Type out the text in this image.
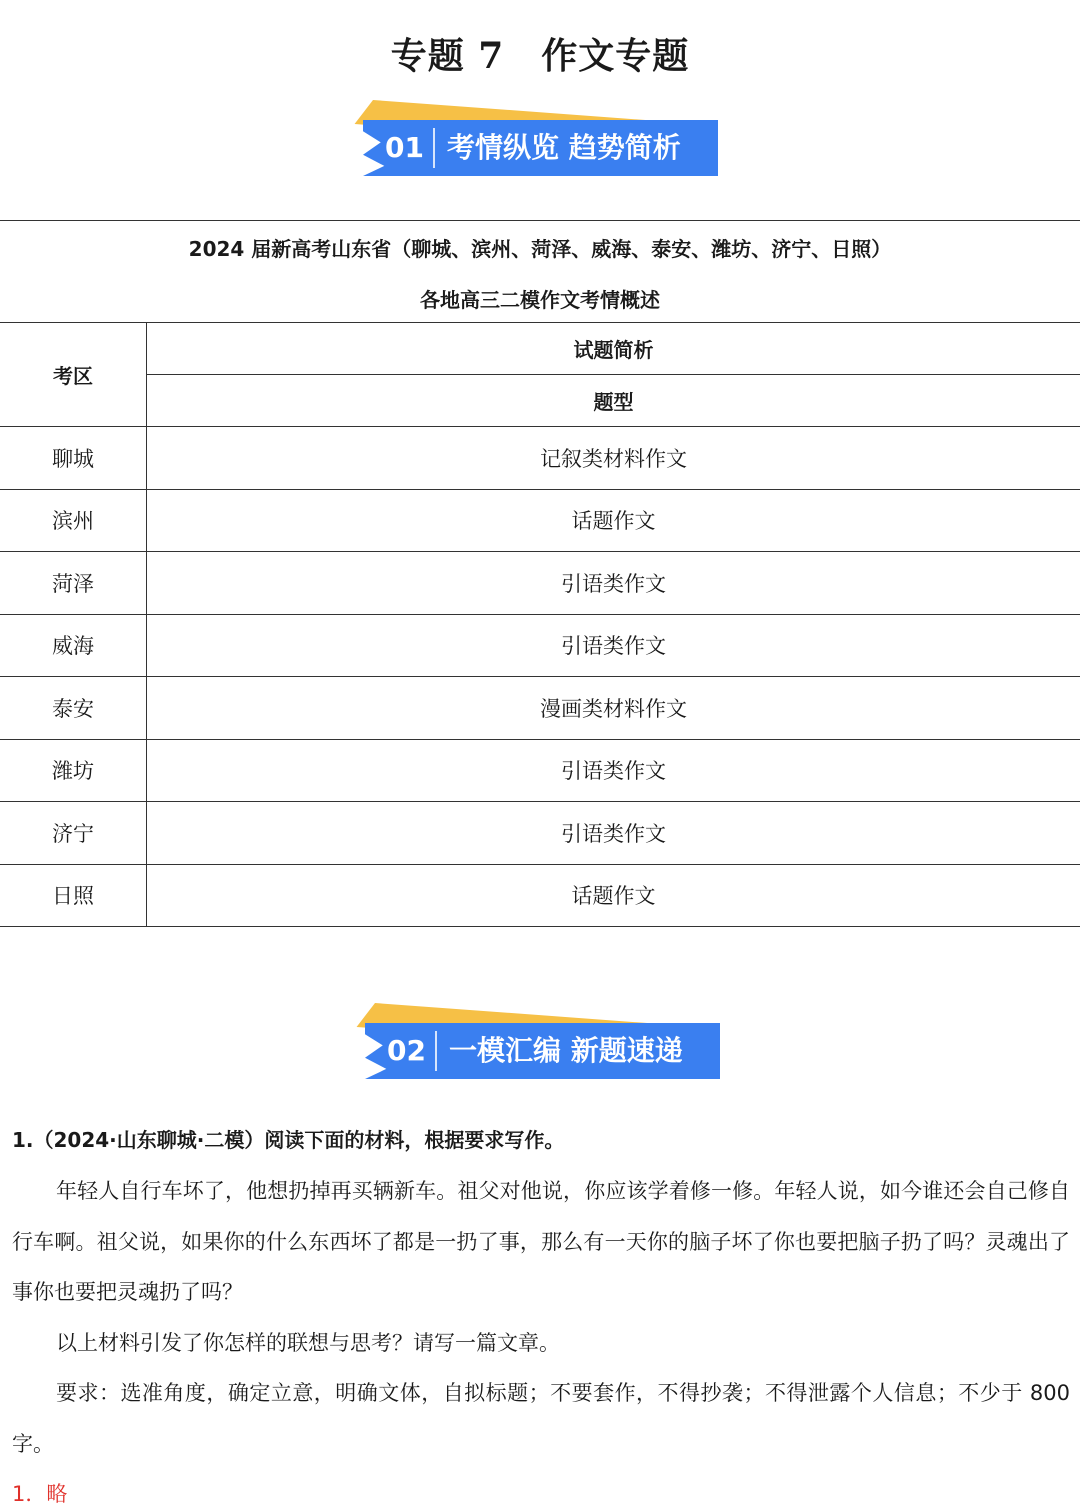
专题 7　作文专题
01 考情纵览 趋势简析
2024 届新高考山东省（聊城、滨州、菏泽、威海、泰安、潍坊、济宁、日照）
各地高三二模作文考情概述
考区	试题简析
	题型
聊城	记叙类材料作文
滨州	话题作文
菏泽	引语类作文
威海	引语类作文
泰安	漫画类材料作文
潍坊	引语类作文
济宁	引语类作文
日照	话题作文
02 一模汇编 新题速递
1.（2024·山东聊城·二模）阅读下面的材料，根据要求写作。
年轻人自行车坏了，他想扔掉再买辆新车。祖父对他说，你应该学着修一修。年轻人说，如今谁还会自己修自行车啊。祖父说，如果你的什么东西坏了都是一扔了事，那么有一天你的脑子坏了你也要把脑子扔了吗？灵魂出了事你也要把灵魂扔了吗？
以上材料引发了你怎样的联想与思考？请写一篇文章。
要求：选准角度，确定立意，明确文体，自拟标题；不要套作，不得抄袭；不得泄露个人信息；不少于 800 字。
1．略
